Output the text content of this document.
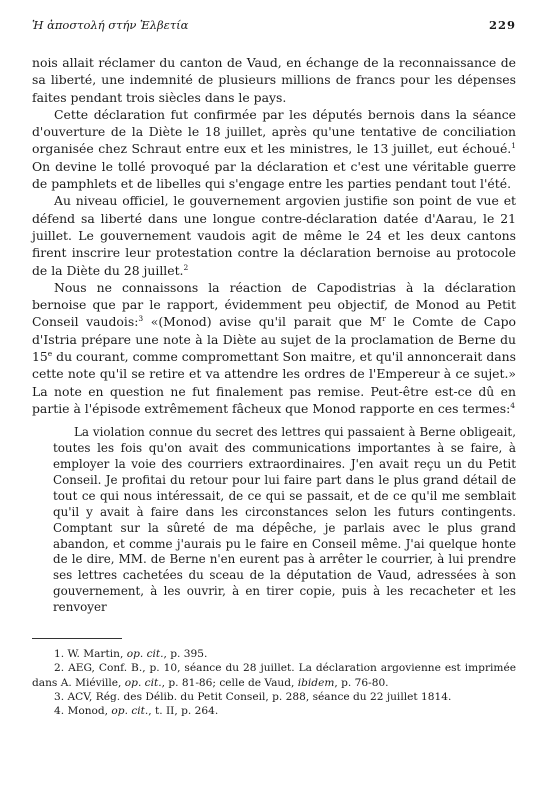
Ἡ ἀποστολή στήν Ἑλβετία	229

nois allait réclamer du canton de Vaud, en échange de la reconnaissance de sa liberté, une indemnité de plusieurs millions de francs pour les dépenses faites pendant trois siècles dans le pays.

Cette déclaration fut confirmée par les députés bernois dans la séance d'ouverture de la Diète le 18 juillet, après qu'une tentative de conciliation organisée chez Schraut entre eux et les ministres, le 13 juillet, eut échoué.$^1$ On devine le tollé provoqué par la déclaration et c'est une véritable guerre de pamphlets et de libelles qui s'engage entre les parties pendant tout l'été.

Au niveau officiel, le gouvernement argovien justifie son point de vue et défend sa liberté dans une longue contre-déclaration datée d'Aarau, le 21 juillet. Le gouvernement vaudois agit de même le 24 et les deux cantons firent inscrire leur protestation contre la déclaration bernoise au protocole de la Diète du 28 juillet.$^2$

Nous ne connaissons la réaction de Capodistrias à la déclaration bernoise que par le rapport, évidemment peu objectif, de Monod au Petit Conseil vaudois:$^3$ «(Monod) avise qu'il parait que $M^r$ le Comte de Capo d'Istria prépare une note à la Diète au sujet de la proclamation de Berne du 15e du courant, comme compromettant Son maitre, et qu'il annoncerait dans cette note qu'il se retire et va attendre les ordres de l'Empereur à ce sujet.» La note en question ne fut finalement pas remise. Peut-être est-ce dû en partie à l'épisode extrêmement fâcheux que Monod rapporte en ces termes:$^4$

La violation connue du secret des lettres qui passaient à Berne obligeait, toutes les fois qu'on avait des communications importantes à se faire, à employer la voie des courriers extraordinaires. J'en avait reçu un du Petit Conseil. Je profitai du retour pour lui faire part dans le plus grand détail de tout ce qui nous intéressait, de ce qui se passait, et de ce qu'il me semblait qu'il y avait à faire dans les circonstances selon les futurs contingents. Comptant sur la sûreté de ma dépêche, je parlais avec le plus grand abandon, et comme j'aurais pu le faire en Conseil même. J'ai quelque honte de le dire, MM. de Berne n'en eurent pas à arrêter le courrier, à lui prendre ses lettres cachetées du sceau de la députation de Vaud, adressées à son gouvernement, à les ouvrir, à en tirer copie, puis à les recacheter et les renvoyer

1. W. Martin, op. cit., p. 395.

2. AEG, Conf. B., p. 10, séance du 28 juillet. La déclaration argovienne est imprimée dans A. Miéville, op. cit., p. 81-86; celle de Vaud, ibidem, p. 76-80.

3. ACV, Rég. des Délib. du Petit Conseil, p. 288, séance du 22 juillet 1814.

4. Monod, op. cit., t. II, p. 264.
